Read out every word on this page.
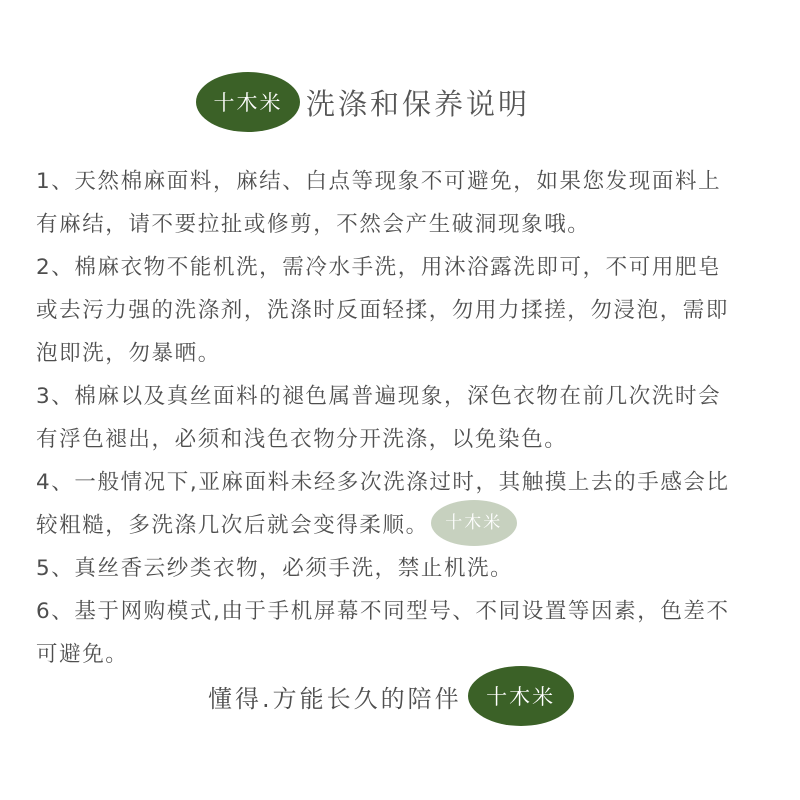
十木米 洗涤和保养说明
1、天然棉麻面料，麻结、白点等现象不可避免，如果您发现面料上
有麻结，请不要拉扯或修剪，不然会产生破洞现象哦。
2、棉麻衣物不能机洗，需冷水手洗，用沐浴露洗即可，不可用肥皂
或去污力强的洗涤剂，洗涤时反面轻揉，勿用力揉搓，勿浸泡，需即
泡即洗，勿暴晒。
3、棉麻以及真丝面料的褪色属普遍现象，深色衣物在前几次洗时会
有浮色褪出，必须和浅色衣物分开洗涤，以免染色。
4、一般情况下,亚麻面料未经多次洗涤过时，其触摸上去的手感会比
较粗糙，多洗涤几次后就会变得柔顺。 十木米
5、真丝香云纱类衣物，必须手洗，禁止机洗。
6、基于网购模式,由于手机屏幕不同型号、不同设置等因素，色差不
可避免。
懂得.方能长久的陪伴 十木米
